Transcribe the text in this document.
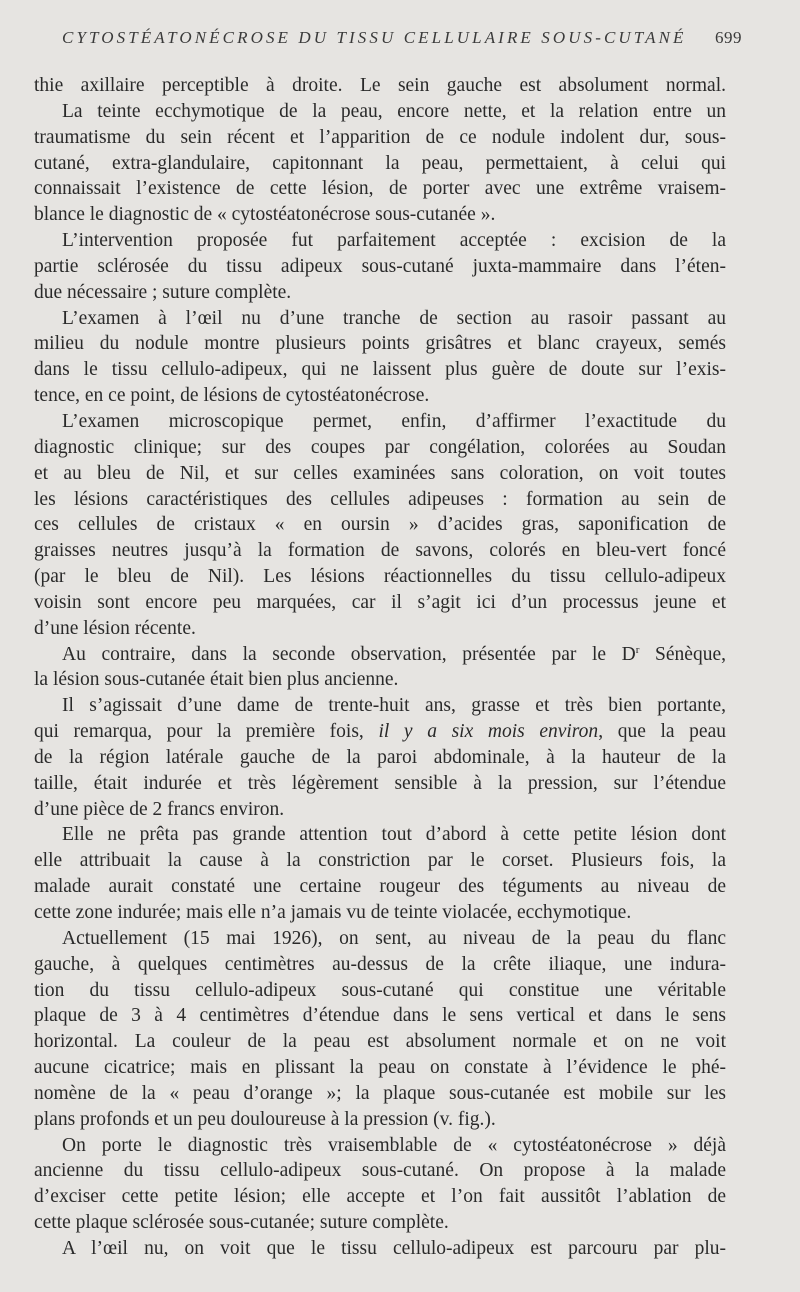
CYTOSTÉATONÉCROSE DU TISSU CELLULAIRE SOUS-CUTANÉ 699
thie axillaire perceptible à droite. Le sein gauche est absolument normal.
La teinte ecchymotique de la peau, encore nette, et la relation entre un
traumatisme du sein récent et l’apparition de ce nodule indolent dur, sous-
cutané, extra-glandulaire, capitonnant la peau, permettaient, à celui qui
connaissait l’existence de cette lésion, de porter avec une extrême vraisem-
blance le diagnostic de « cytostéatonécrose sous-cutanée ».
L’intervention proposée fut parfaitement acceptée : excision de la
partie sclérosée du tissu adipeux sous-cutané juxta-mammaire dans l’éten-
due nécessaire ; suture complète.
L’examen à l’œil nu d’une tranche de section au rasoir passant au
milieu du nodule montre plusieurs points grisâtres et blanc crayeux, semés
dans le tissu cellulo-adipeux, qui ne laissent plus guère de doute sur l’exis-
tence, en ce point, de lésions de cytostéatonécrose.
L’examen microscopique permet, enfin, d’affirmer l’exactitude du
diagnostic clinique; sur des coupes par congélation, colorées au Soudan
et au bleu de Nil, et sur celles examinées sans coloration, on voit toutes
les lésions caractéristiques des cellules adipeuses : formation au sein de
ces cellules de cristaux « en oursin » d’acides gras, saponification de
graisses neutres jusqu’à la formation de savons, colorés en bleu-vert foncé
(par le bleu de Nil). Les lésions réactionnelles du tissu cellulo-adipeux
voisin sont encore peu marquées, car il s’agit ici d’un processus jeune et
d’une lésion récente.
Au contraire, dans la seconde observation, présentée par le $D^r$ Sénèque,
la lésion sous-cutanée était bien plus ancienne.
Il s’agissait d’une dame de trente-huit ans, grasse et très bien portante,
qui remarqua, pour la première fois, il y a six mois environ, que la peau
de la région latérale gauche de la paroi abdominale, à la hauteur de la
taille, était indurée et très légèrement sensible à la pression, sur l’étendue
d’une pièce de 2 francs environ.
Elle ne prêta pas grande attention tout d’abord à cette petite lésion dont
elle attribuait la cause à la constriction par le corset. Plusieurs fois, la
malade aurait constaté une certaine rougeur des téguments au niveau de
cette zone indurée; mais elle n’a jamais vu de teinte violacée, ecchymotique.
Actuellement (15 mai 1926), on sent, au niveau de la peau du flanc
gauche, à quelques centimètres au-dessus de la crête iliaque, une indura-
tion du tissu cellulo-adipeux sous-cutané qui constitue une véritable
plaque de 3 à 4 centimètres d’étendue dans le sens vertical et dans le sens
horizontal. La couleur de la peau est absolument normale et on ne voit
aucune cicatrice; mais en plissant la peau on constate à l’évidence le phé-
nomène de la « peau d’orange »; la plaque sous-cutanée est mobile sur les
plans profonds et un peu douloureuse à la pression (v. fig.).
On porte le diagnostic très vraisemblable de « cytostéatonécrose » déjà
ancienne du tissu cellulo-adipeux sous-cutané. On propose à la malade
d’exciser cette petite lésion; elle accepte et l’on fait aussitôt l’ablation de
cette plaque sclérosée sous-cutanée; suture complète.
A l’œil nu, on voit que le tissu cellulo-adipeux est parcouru par plu-
